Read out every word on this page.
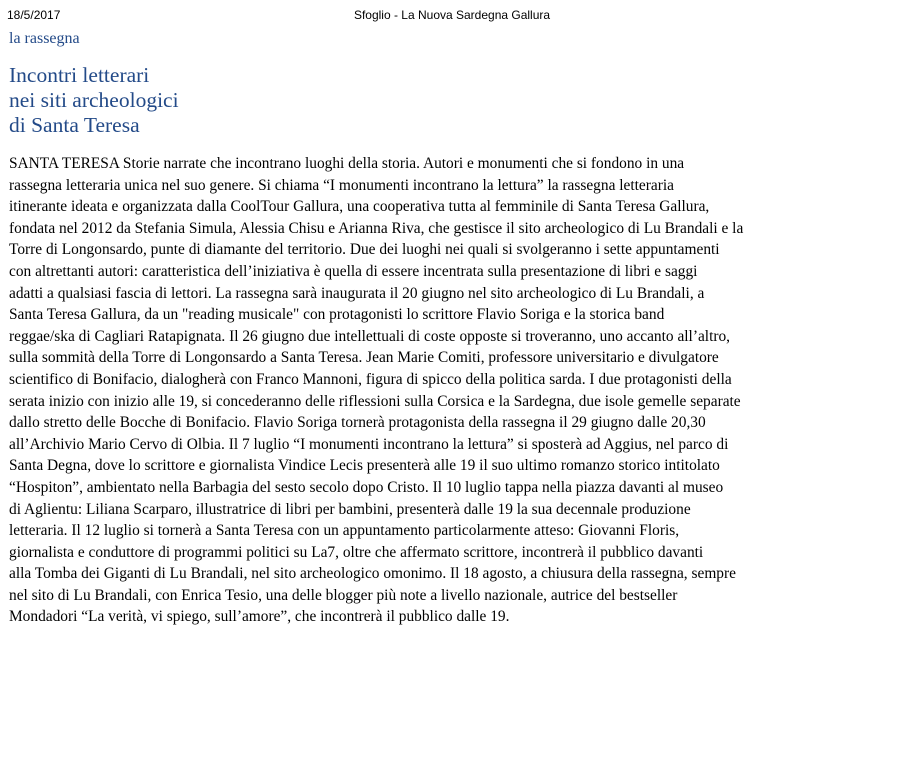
18/5/2017	Sfoglio - La Nuova Sardegna Gallura
la rassegna
Incontri letterari
nei siti archeologici
di Santa Teresa
SANTA TERESA Storie narrate che incontrano luoghi della storia. Autori e monumenti che si fondono in una
rassegna letteraria unica nel suo genere. Si chiama “I monumenti incontrano la lettura” la rassegna letteraria
itinerante ideata e organizzata dalla CoolTour Gallura, una cooperativa tutta al femminile di Santa Teresa Gallura,
fondata nel 2012 da Stefania Simula, Alessia Chisu e Arianna Riva, che gestisce il sito archeologico di Lu Brandali e la
Torre di Longonsardo, punte di diamante del territorio. Due dei luoghi nei quali si svolgeranno i sette appuntamenti
con altrettanti autori: caratteristica dell’iniziativa è quella di essere incentrata sulla presentazione di libri e saggi
adatti a qualsiasi fascia di lettori. La rassegna sarà inaugurata il 20 giugno nel sito archeologico di Lu Brandali, a
Santa Teresa Gallura, da un "reading musicale" con protagonisti lo scrittore Flavio Soriga e la storica band
reggae/ska di Cagliari Ratapignata. Il 26 giugno due intellettuali di coste opposte si troveranno, uno accanto all’altro,
sulla sommità della Torre di Longonsardo a Santa Teresa. Jean Marie Comiti, professore universitario e divulgatore
scientifico di Bonifacio, dialogherà con Franco Mannoni, figura di spicco della politica sarda. I due protagonisti della
serata inizio con inizio alle 19, si concederanno delle riflessioni sulla Corsica e la Sardegna, due isole gemelle separate
dallo stretto delle Bocche di Bonifacio. Flavio Soriga tornerà protagonista della rassegna il 29 giugno dalle 20,30
all’Archivio Mario Cervo di Olbia. Il 7 luglio “I monumenti incontrano la lettura” si sposterà ad Aggius, nel parco di
Santa Degna, dove lo scrittore e giornalista Vindice Lecis presenterà alle 19 il suo ultimo romanzo storico intitolato
“Hospiton”, ambientato nella Barbagia del sesto secolo dopo Cristo. Il 10 luglio tappa nella piazza davanti al museo
di Aglientu: Liliana Scarparo, illustratrice di libri per bambini, presenterà dalle 19 la sua decennale produzione
letteraria. Il 12 luglio si tornerà a Santa Teresa con un appuntamento particolarmente atteso: Giovanni Floris,
giornalista e conduttore di programmi politici su La7, oltre che affermato scrittore, incontrerà il pubblico davanti
alla Tomba dei Giganti di Lu Brandali, nel sito archeologico omonimo. Il 18 agosto, a chiusura della rassegna, sempre
nel sito di Lu Brandali, con Enrica Tesio, una delle blogger più note a livello nazionale, autrice del bestseller
Mondadori “La verità, vi spiego, sull’amore”, che incontrerà il pubblico dalle 19.
